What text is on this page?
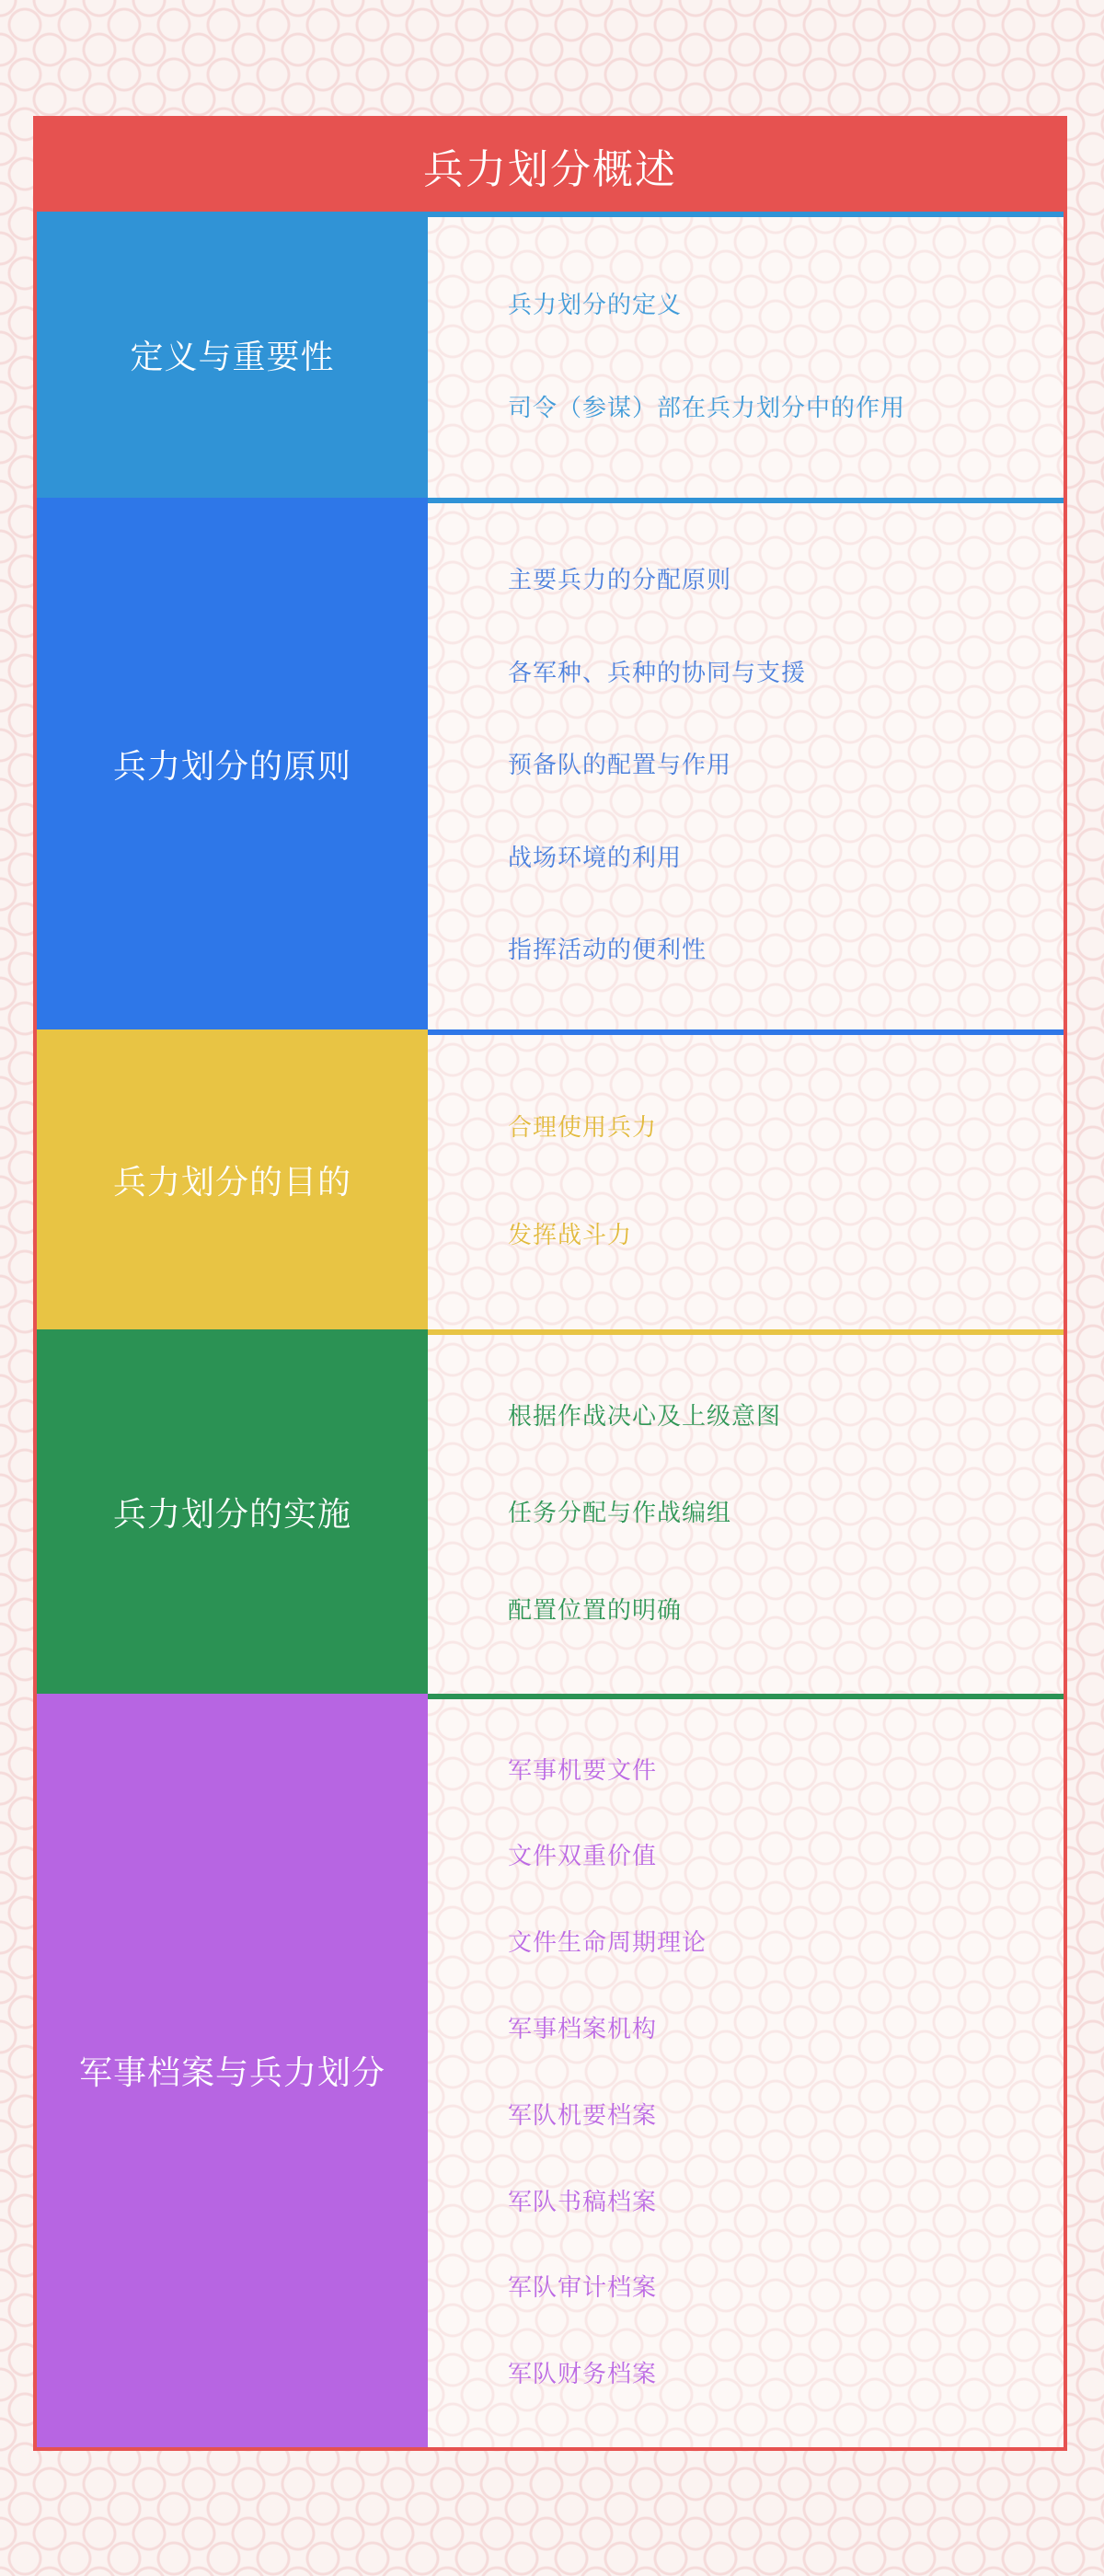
兵力划分概述
定义与重要性
兵力划分的定义
司令（参谋）部在兵力划分中的作用
兵力划分的原则
主要兵力的分配原则
各军种、兵种的协同与支援
预备队的配置与作用
战场环境的利用
指挥活动的便利性
兵力划分的目的
合理使用兵力
发挥战斗力
兵力划分的实施
根据作战决心及上级意图
任务分配与作战编组
配置位置的明确
军事档案与兵力划分
军事机要文件
文件双重价值
文件生命周期理论
军事档案机构
军队机要档案
军队书稿档案
军队审计档案
军队财务档案
